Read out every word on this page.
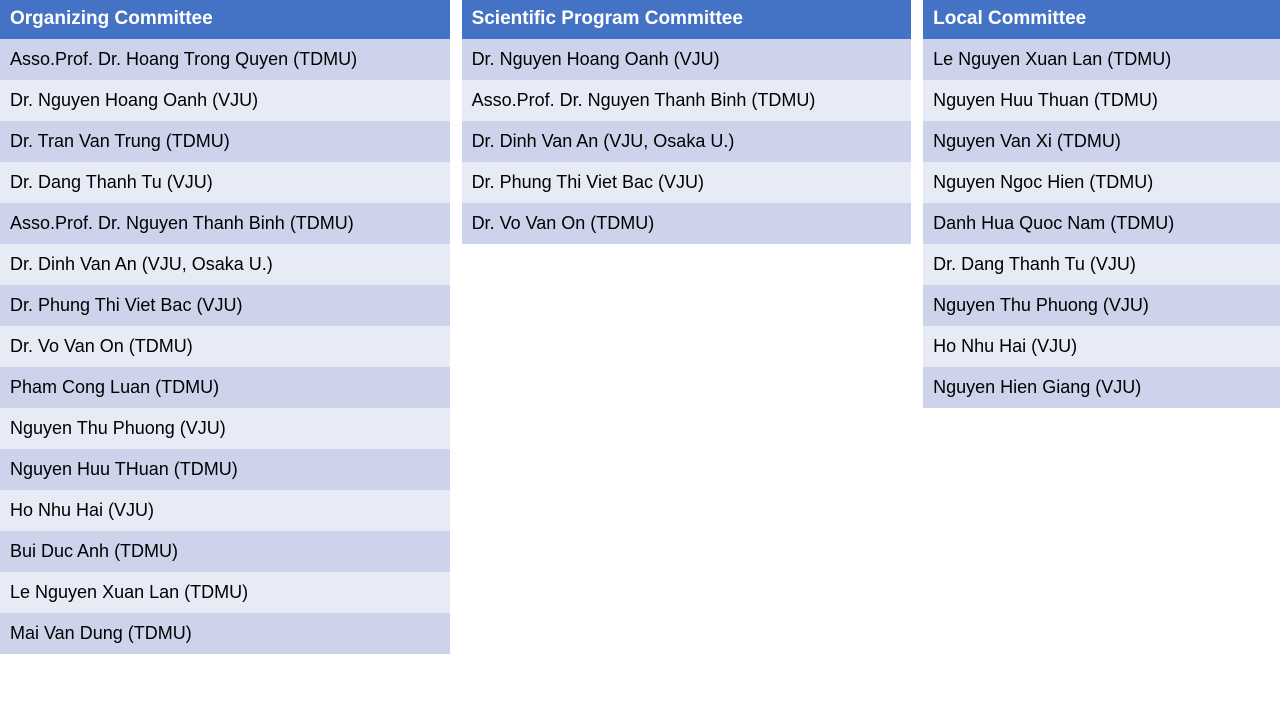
Organizing Committee
Asso.Prof. Dr. Hoang Trong Quyen (TDMU)
Dr. Nguyen Hoang Oanh (VJU)
Dr. Tran Van Trung (TDMU)
Dr. Dang Thanh Tu (VJU)
Asso.Prof. Dr. Nguyen Thanh Binh (TDMU)
Dr. Dinh Van An (VJU, Osaka U.)
Dr. Phung Thi Viet Bac (VJU)
Dr. Vo Van On (TDMU)
Pham Cong Luan (TDMU)
Nguyen Thu Phuong (VJU)
Nguyen Huu THuan (TDMU)
Ho Nhu Hai (VJU)
Bui Duc Anh (TDMU)
Le Nguyen Xuan Lan (TDMU)
Mai Van Dung (TDMU)
Scientific Program Committee
Dr. Nguyen Hoang Oanh (VJU)
Asso.Prof. Dr. Nguyen Thanh Binh (TDMU)
Dr. Dinh Van An (VJU, Osaka U.)
Dr. Phung Thi Viet Bac (VJU)
Dr. Vo Van On (TDMU)
Local Committee
Le Nguyen Xuan Lan (TDMU)
Nguyen Huu Thuan (TDMU)
Nguyen Van Xi (TDMU)
Nguyen Ngoc Hien (TDMU)
Danh Hua Quoc Nam (TDMU)
Dr. Dang Thanh Tu (VJU)
Nguyen Thu Phuong (VJU)
Ho Nhu Hai (VJU)
Nguyen Hien Giang (VJU)
